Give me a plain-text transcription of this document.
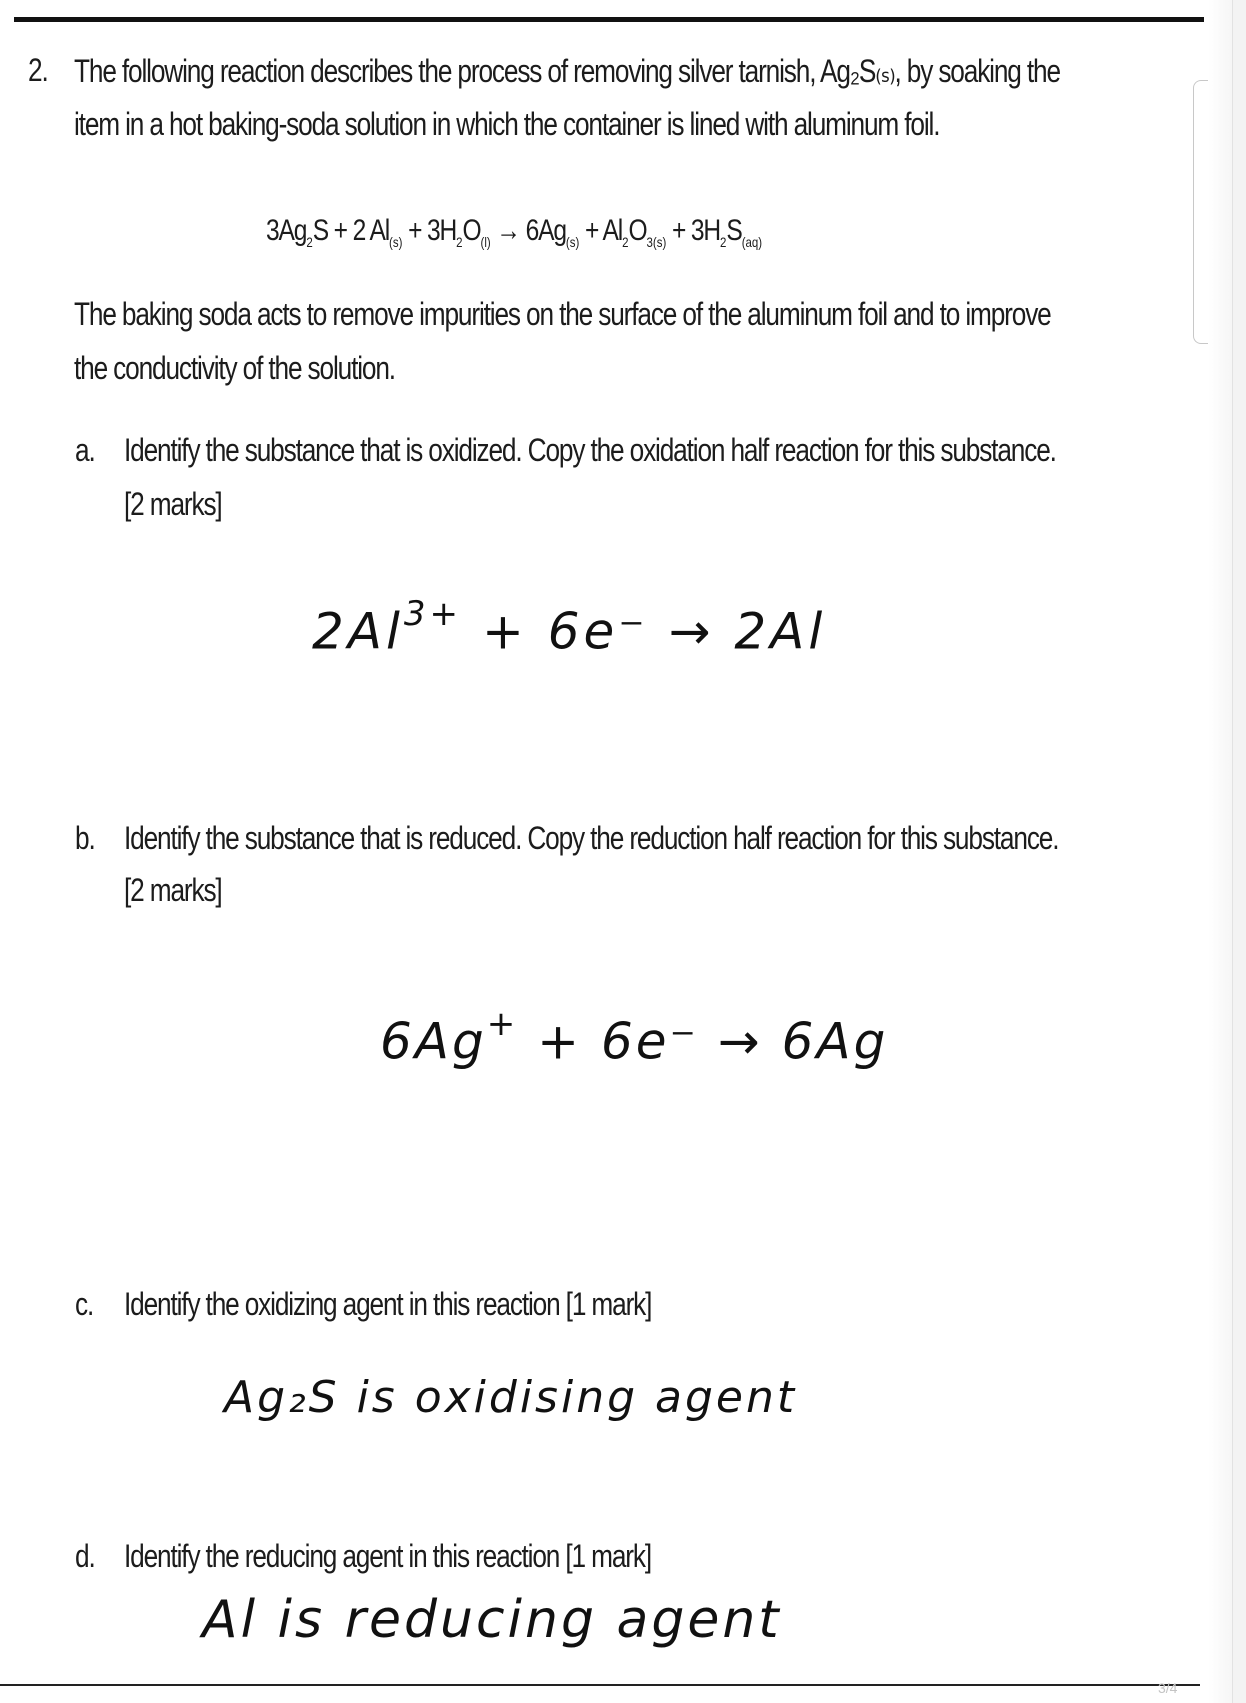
2. The following reaction describes the process of removing silver tarnish, Ag₂S₍ₛ₎, by soaking the
item in a hot baking-soda solution in which the container is lined with aluminum foil.
$3Ag_2S + 2$ $Al_{(s)} + 3H_2O_{(l)} \to 6Ag_{(s)} + Al_2O_{3(s)} + 3H_2S_{(aq)}$
The baking soda acts to remove impurities on the surface of the aluminum foil and to improve
the conductivity of the solution.
a. Identify the substance that is oxidized. Copy the oxidation half reaction for this substance.
[2 marks]
$2Al^{3+} + 6e^- \to 2Al$
b. Identify the substance that is reduced. Copy the reduction half reaction for this substance.
[2 marks]
6Ag+ + 6e⁻ → 6Ag
c. Identify the oxidizing agent in this reaction [1 mark]
Ag₂S is oxidising agent
d. Identify the reducing agent in this reaction [1 mark]
Al is reducing agent
3/4
